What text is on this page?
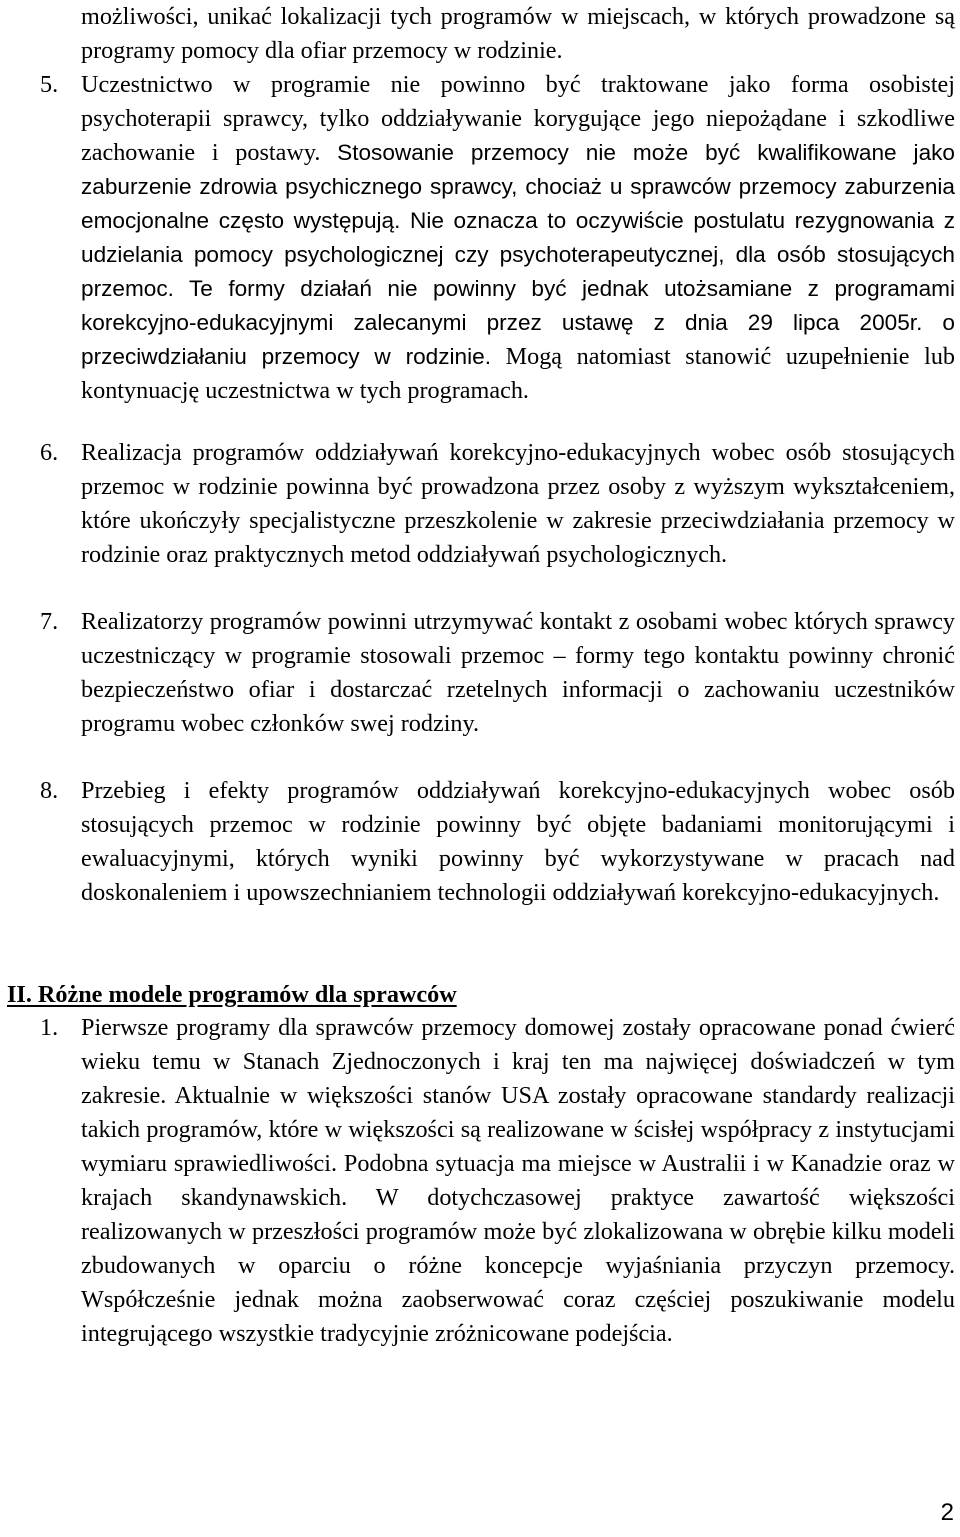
możliwości, unikać lokalizacji tych programów w miejscach, w których prowadzone są programy pomocy dla ofiar przemocy w rodzinie.

5. Uczestnictwo w programie nie powinno być traktowane jako forma osobistej psychoterapii sprawcy, tylko oddziaływanie korygujące jego niepożądane i szkodliwe zachowanie i postawy. Stosowanie przemocy nie może być kwalifikowane jako zaburzenie zdrowia psychicznego sprawcy, chociaż u sprawców przemocy zaburzenia emocjonalne często występują. Nie oznacza to oczywiście postulatu rezygnowania z udzielania pomocy psychologicznej czy psychoterapeutycznej, dla osób stosujących przemoc. Te formy działań nie powinny być jednak utożsamiane z programami korekcyjno-edukacyjnymi zalecanymi przez ustawę z dnia 29 lipca 2005r. o przeciwdziałaniu przemocy w rodzinie. Mogą natomiast stanowić uzupełnienie lub kontynuację uczestnictwa w tych programach.

6. Realizacja programów oddziaływań korekcyjno-edukacyjnych wobec osób stosujących przemoc w rodzinie powinna być prowadzona przez osoby z wyższym wykształceniem, które ukończyły specjalistyczne przeszkolenie w zakresie przeciwdziałania przemocy w rodzinie oraz praktycznych metod oddziaływań psychologicznych.

7. Realizatorzy programów powinni utrzymywać kontakt z osobami wobec których sprawcy uczestniczący w programie stosowali przemoc – formy tego kontaktu powinny chronić bezpieczeństwo ofiar i dostarczać rzetelnych informacji o zachowaniu uczestników programu wobec członków swej rodziny.

8. Przebieg i efekty programów oddziaływań korekcyjno-edukacyjnych wobec osób stosujących przemoc w rodzinie powinny być objęte badaniami monitorującymi i ewaluacyjnymi, których wyniki powinny być wykorzystywane w pracach nad doskonaleniem i upowszechnianiem technologii oddziaływań korekcyjno-edukacyjnych.

II. Różne modele programów dla sprawców
1. Pierwsze programy dla sprawców przemocy domowej zostały opracowane ponad ćwierć wieku temu w Stanach Zjednoczonych i kraj ten ma najwięcej doświadczeń w tym zakresie. Aktualnie w większości stanów USA zostały opracowane standardy realizacji takich programów, które w większości są realizowane w ścisłej współpracy z instytucjami wymiaru sprawiedliwości. Podobna sytuacja ma miejsce w Australii i w Kanadzie oraz w krajach skandynawskich. W dotychczasowej praktyce zawartość większości realizowanych w przeszłości programów może być zlokalizowana w obrębie kilku modeli zbudowanych w oparciu o różne koncepcje wyjaśniania przyczyn przemocy. Współcześnie jednak można zaobserwować coraz częściej poszukiwanie modelu integrującego wszystkie tradycyjnie zróżnicowane podejścia.

2
